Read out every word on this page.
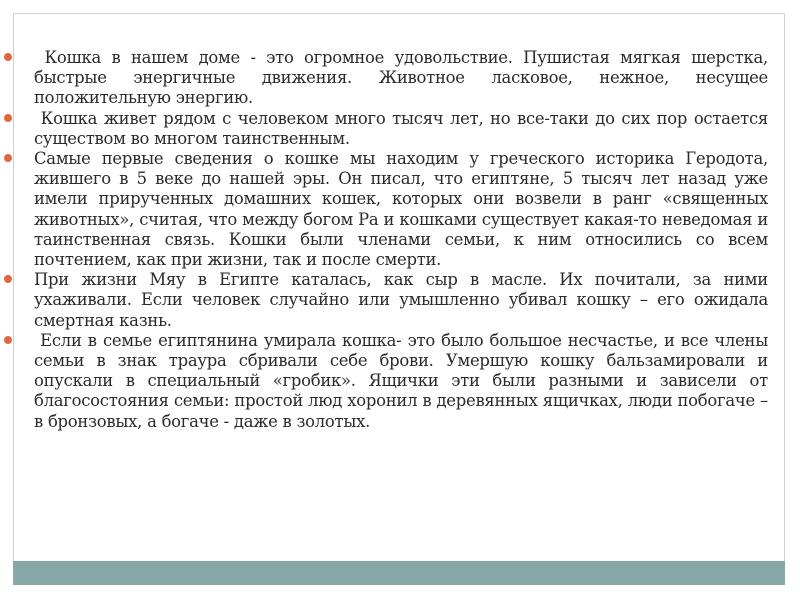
Кошка в нашем доме - это огромное удовольствие. Пушистая мягкая шерстка, быстрые энергичные движения. Животное ласковое, нежное, несущее положительную энергию.
Кошка живет рядом с человеком много тысяч лет, но все-таки до сих пор остается существом во многом таинственным.
Самые первые сведения о кошке мы находим у греческого историка Геродота, жившего в 5 веке до нашей эры. Он писал, что египтяне, 5 тысяч лет назад уже имели прирученных домашних кошек, которых они возвели в ранг «священных животных», считая, что между богом Ра и кошками существует какая-то неведомая и таинственная связь. Кошки были членами семьи, к ним относились со всем почтением, как при жизни, так и после смерти.
При жизни Мяу в Египте каталась, как сыр в масле. Их почитали, за ними ухаживали. Если человек случайно или умышленно убивал кошку – его ожидала смертная казнь.
Если в семье египтянина умирала кошка- это было большое несчастье, и все члены семьи в знак траура сбривали себе брови. Умершую кошку бальзамировали и опускали в специальный «гробик». Ящички эти были разными и зависели от благосостояния семьи: простой люд хоронил в деревянных ящичках, люди побогаче – в бронзовых, а богаче - даже в золотых.
